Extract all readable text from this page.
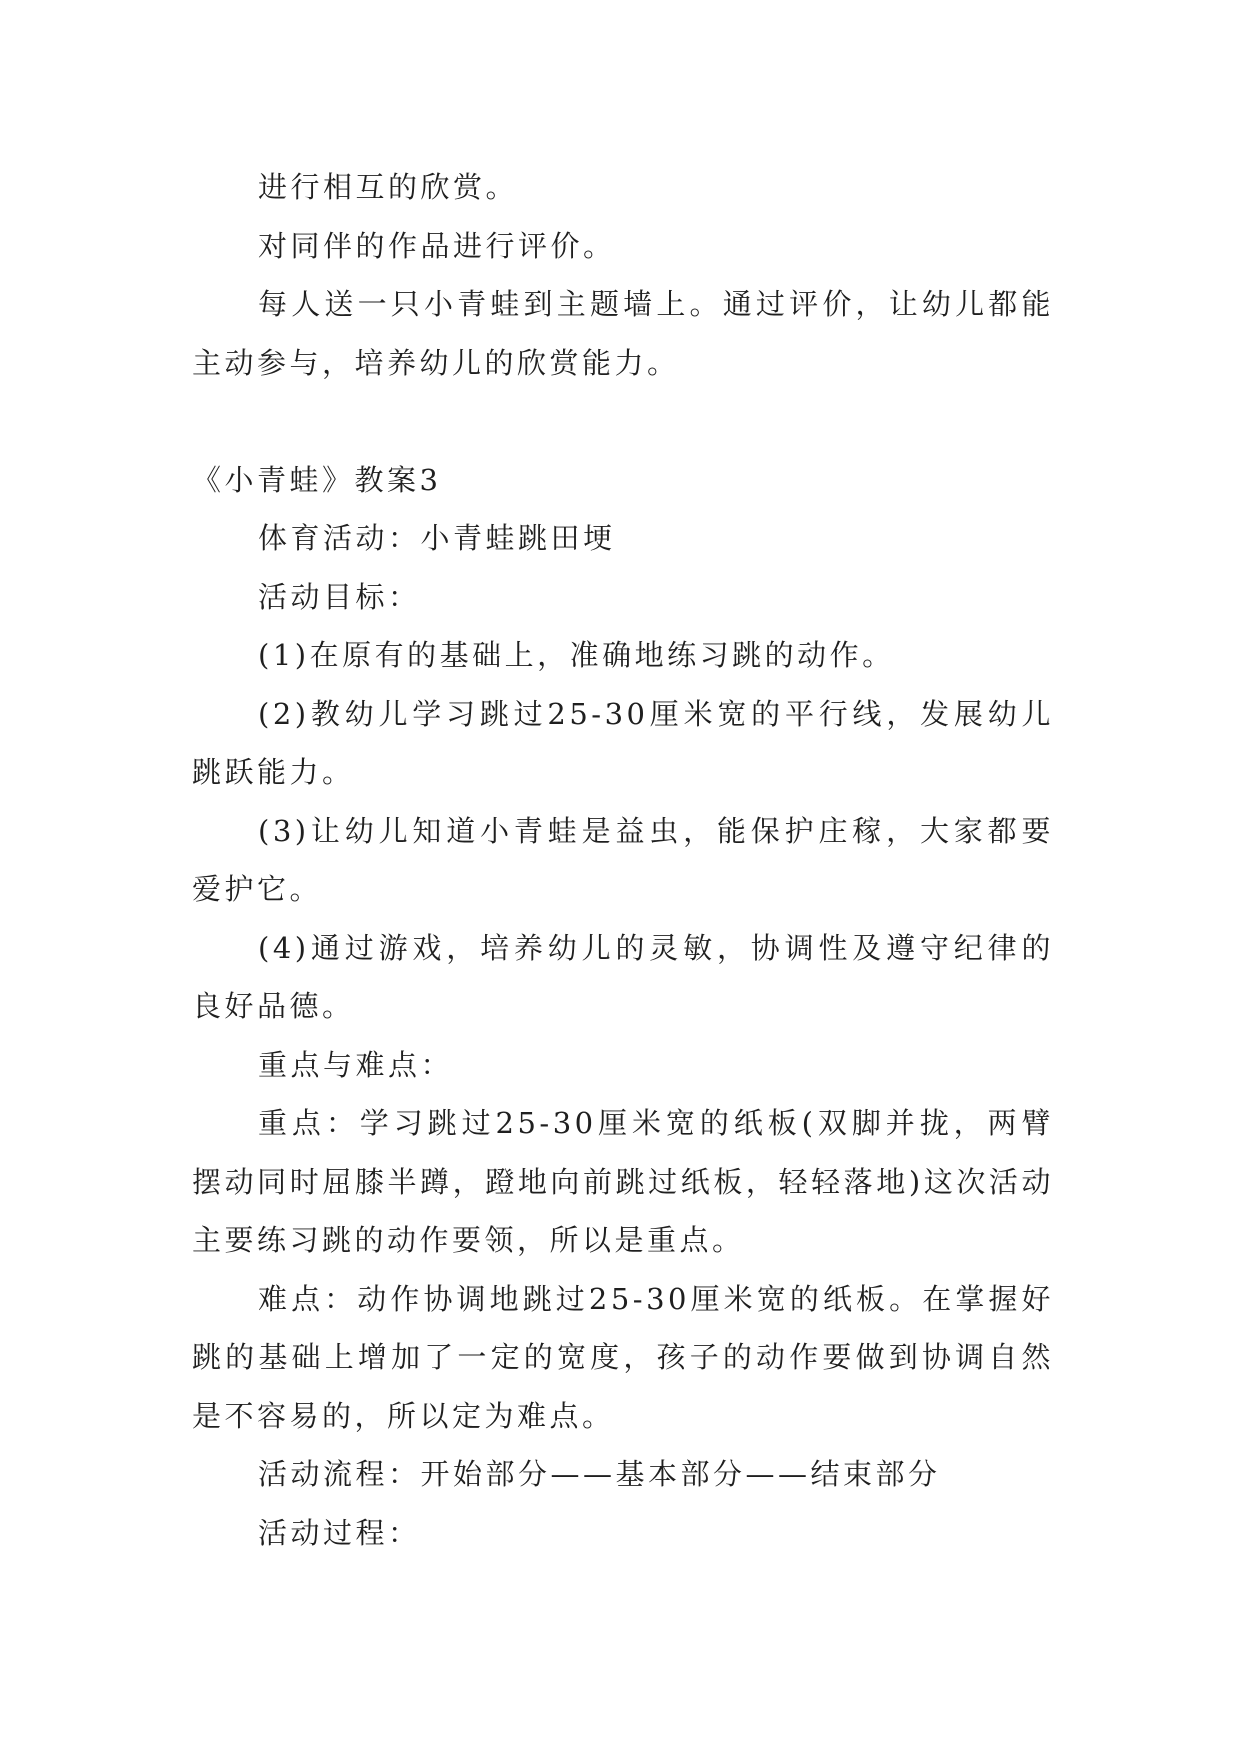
进行相互的欣赏。

对同伴的作品进行评价。

每人送一只小青蛙到主题墙上。通过评价，让幼儿都能主动参与，培养幼儿的欣赏能力。

《小青蛙》教案3

体育活动：小青蛙跳田埂

活动目标：

(1)在原有的基础上，准确地练习跳的动作。

(2)教幼儿学习跳过25-30厘米宽的平行线，发展幼儿跳跃能力。

(3)让幼儿知道小青蛙是益虫，能保护庄稼，大家都要爱护它。

(4)通过游戏，培养幼儿的灵敏，协调性及遵守纪律的良好品德。

重点与难点：

重点：学习跳过25-30厘米宽的纸板(双脚并拢，两臂摆动同时屈膝半蹲，蹬地向前跳过纸板，轻轻落地)这次活动主要练习跳的动作要领，所以是重点。

难点：动作协调地跳过25-30厘米宽的纸板。在掌握好跳的基础上增加了一定的宽度，孩子的动作要做到协调自然是不容易的，所以定为难点。

活动流程：开始部分——基本部分——结束部分

活动过程：
